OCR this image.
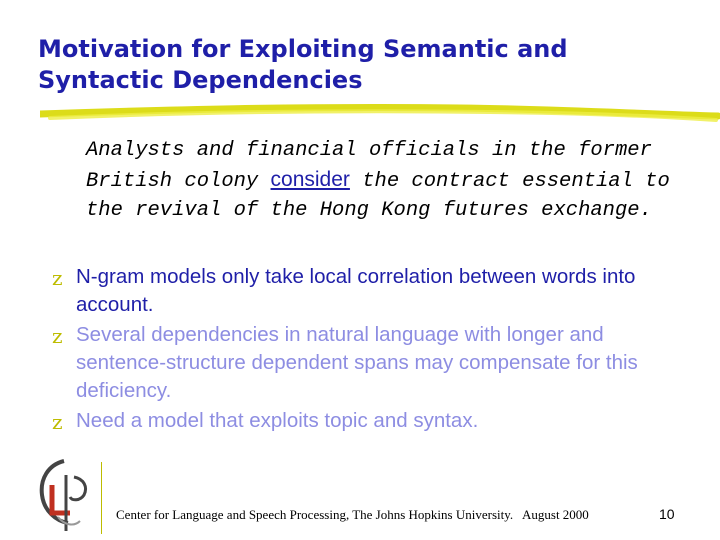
Motivation for Exploiting Semantic and Syntactic Dependencies
Analysts and financial officials in the former British colony consider the contract essential to the revival of the Hong Kong futures exchange.
z N-gram models only take local correlation between words into account.
z Several dependencies in natural language with longer and sentence-structure dependent spans may compensate for this deficiency.
z Need a model that exploits topic and syntax.
Center for Language and Speech Processing, The Johns Hopkins University. August 2000	10
